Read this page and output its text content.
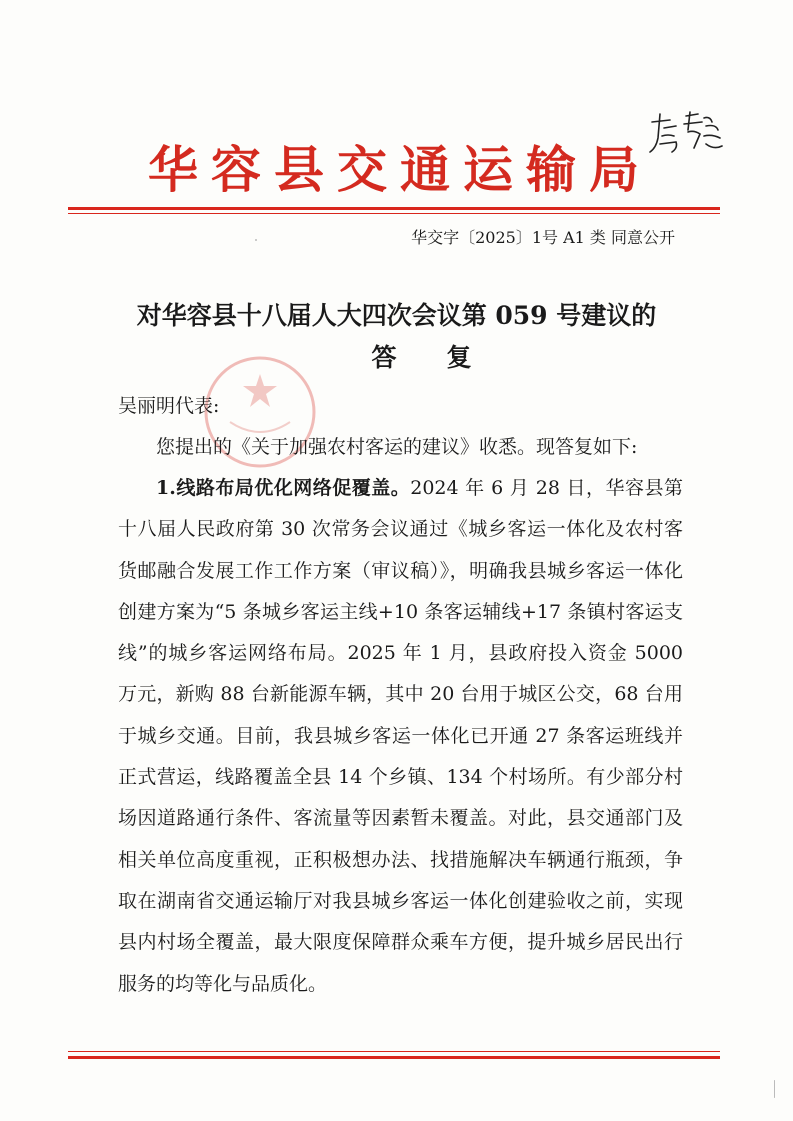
华容县交通运输局
华交字〔2025〕1号 A1 类 同意公开
对华容县十八届人大四次会议第 059 号建议的
答复

吴丽明代表:

您提出的《关于加强农村客运的建议》收悉。现答复如下:

1.线路布局优化网络促覆盖。2024 年 6 月 28 日，华容县第十八届人民政府第 30 次常务会议通过《城乡客运一体化及农村客货邮融合发展工作工作方案（审议稿）》，明确我县城乡客运一体化创建方案为“5 条城乡客运主线+10 条客运辅线+17 条镇村客运支线”的城乡客运网络布局。2025 年 1 月，县政府投入资金 5000 万元，新购 88 台新能源车辆，其中 20 台用于城区公交，68 台用于城乡交通。目前，我县城乡客运一体化已开通 27 条客运班线并正式营运，线路覆盖全县 14 个乡镇、134 个村场所。有少部分村场因道路通行条件、客流量等因素暂未覆盖。对此，县交通部门及相关单位高度重视，正积极想办法、找措施解决车辆通行瓶颈，争取在湖南省交通运输厅对我县城乡客运一体化创建验收之前，实现县内村场全覆盖，最大限度保障群众乘车方便，提升城乡居民出行服务的均等化与品质化。
